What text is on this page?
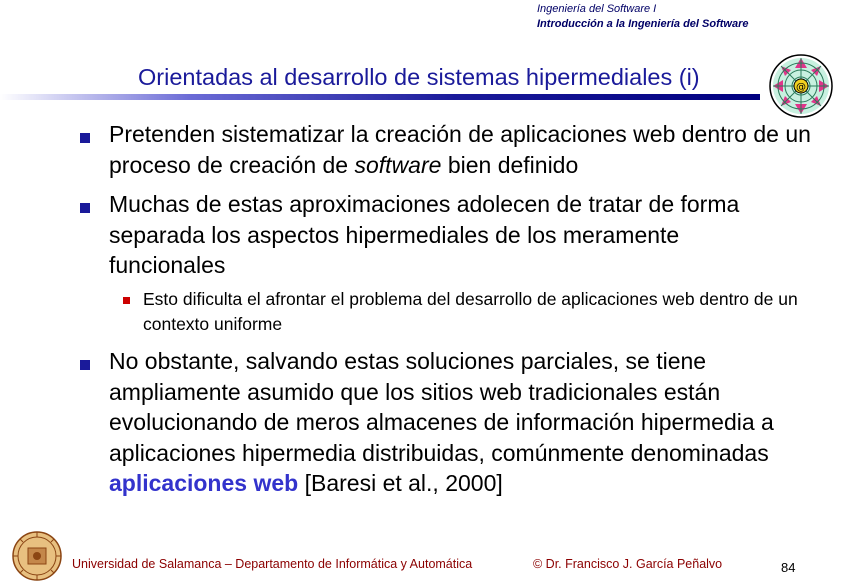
Ingeniería del Software I
Introducción a la Ingeniería del Software
Orientadas al desarrollo de sistemas hipermediales (i)	@
Pretenden sistematizar la creación de aplicaciones web dentro de un proceso de creación de software bien definido
Muchas de estas aproximaciones adolecen de tratar de forma
separada los aspectos hipermediales de los meramente
funcionales
Esto dificulta el afrontar el problema del desarrollo de aplicaciones web dentro de un contexto uniforme
No obstante, salvando estas soluciones parciales, se tiene ampliamente asumido que los sitios web tradicionales están evolucionando de meros almacenes de información hipermedia a aplicaciones hipermedia distribuidas, comúnmente denominadas aplicaciones web [Baresi et al., 2000]
Universidad de Salamanca – Departamento de Informática y Automática	© Dr. Francisco J. García Peñalvo	84
